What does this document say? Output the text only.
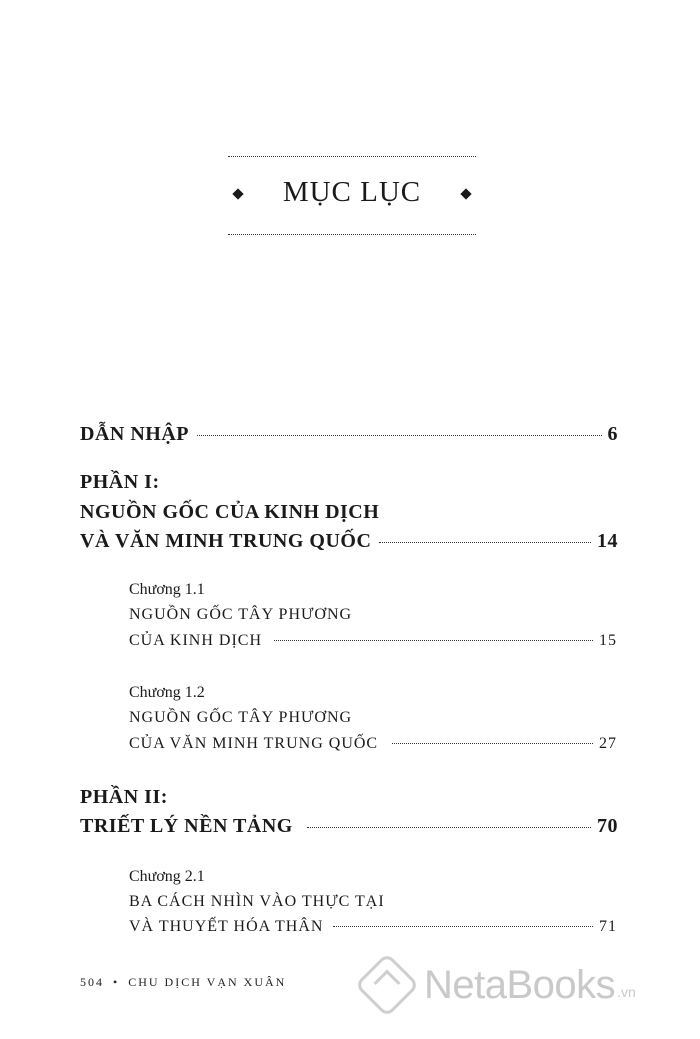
MỤC LỤC
DẪN NHẬP	6
PHẦN I:
NGUỒN GỐC CỦA KINH DỊCH
VÀ VĂN MINH TRUNG QUỐC	14
Chương 1.1
NGUỒN GỐC TÂY PHƯƠNG
CỦA KINH DỊCH	15
Chương 1.2
NGUỒN GỐC TÂY PHƯƠNG
CỦA VĂN MINH TRUNG QUỐC	27
PHẦN II:
TRIẾT LÝ NỀN TẢNG	70
Chương 2.1
BA CÁCH NHÌN VÀO THỰC TẠI
VÀ THUYẾT HÓA THÂN	71
504 • CHU DỊCH VẠN XUÂN	NetaBooks .vn
